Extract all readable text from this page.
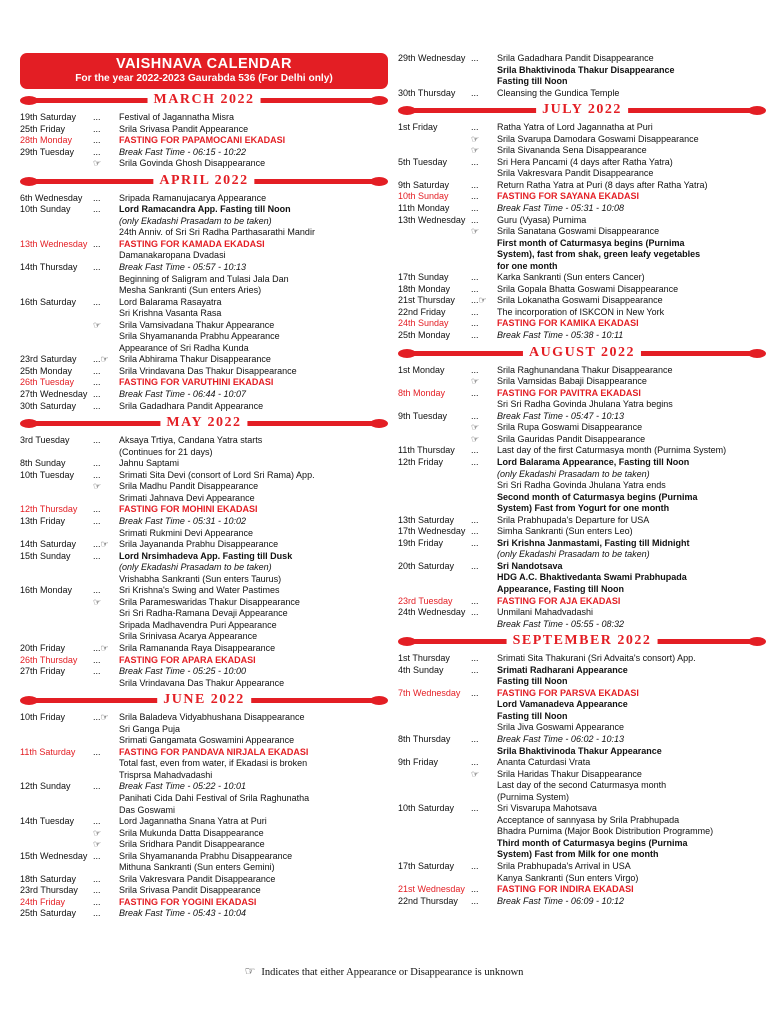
VAISHNAVA CALENDAR
For the year 2022-2023 Gaurabda 536 (For Delhi only)
MARCH 2022
19th Saturday	...	Festival of Jagannatha Misra
25th Friday	...	Srila Srivasa Pandit Appearance
28th Monday	...	FASTING FOR PAPAMOCANI EKADASI
29th Tuesday	...	Break Fast Time - 06:15 - 10:22
☞	Srila Govinda Ghosh Disappearance
APRIL 2022
6th Wednesday	...	Sripada Ramanujacarya Appearance
10th Sunday	...	Lord Ramacandra App. Fasting till Noon
(only Ekadashi Prasadam to be taken)
24th Anniv. of Sri Sri Radha Parthasarathi Mandir
13th Wednesday ...	FASTING FOR KAMADA EKADASI
Damanakaropana Dvadasi
14th Thursday	...	Break Fast Time - 05:57 - 10:13
Beginning of Saligram and Tulasi Jala Dan
Mesha Sankranti (Sun enters Aries)
16th Saturday	...	Lord Balarama Rasayatra
Sri Krishna Vasanta Rasa
☞	Srila Vamsivadana Thakur Appearance
Srila Shyamananda Prabhu Appearance
Appearance of Sri Radha Kunda
23rd Saturday	...☞	Srila Abhirama Thakur Disappearance
25th Monday	...	Srila Vrindavana Das Thakur Disappearance
26th Tuesday	...	FASTING FOR VARUTHINI EKADASI
27th Wednesday ...	Break Fast Time - 06:44 - 10:07
30th Saturday	...	Srila Gadadhara Pandit Appearance
MAY 2022
3rd Tuesday	...	Aksaya Trtiya, Candana Yatra starts
(Continues for 21 days)
8th Sunday	...	Jahnu Saptami
10th Tuesday	...	Srimati Sita Devi (consort of Lord Sri Rama) App.
☞	Srila Madhu Pandit Disappearance
Srimati Jahnava Devi Appearance
12th Thursday	...	FASTING FOR MOHINI EKADASI
13th Friday	...	Break Fast Time - 05:31 - 10:02
Srimati Rukmini Devi Appearance
14th Saturday	...☞	Srila Jayananda Prabhu Disappearance
15th Sunday	...	Lord Nrsimhadeva App. Fasting till Dusk
(only Ekadashi Prasadam to be taken)
Vrishabha Sankranti (Sun enters Taurus)
16th Monday	...	Sri Krishna's Swing and Water Pastimes
☞	Srila Parameswaridas Thakur Disappearance
Sri Sri Radha-Ramana Devaji Appearance
Sripada Madhavendra Puri Appearance
Srila Srinivasa Acarya Appearance
20th Friday	...☞	Srila Ramananda Raya Disappearance
26th Thursday	...	FASTING FOR APARA EKADASI
27th Friday	...	Break Fast Time - 05:25 - 10:00
Srila Vrindavana Das Thakur Appearance
JUNE 2022
10th Friday	...☞	Srila Baladeva Vidyabhushana Disappearance
Sri Ganga Puja
Srimati Gangamata Goswamini Appearance
11th Saturday	...	FASTING FOR PANDAVA NIRJALA EKADASI
Total fast, even from water, if Ekadasi is broken
Trisprsa Mahadvadashi
12th Sunday	...	Break Fast Time - 05:22 - 10:01
Panihati Cida Dahi Festival of Srila Raghunatha
Das Goswami
14th Tuesday	...	Lord Jagannatha Snana Yatra at Puri
☞	Srila Mukunda Datta Disappearance
☞	Srila Sridhara Pandit Disappearance
15th Wednesday ...	Srila Shyamananda Prabhu Disappearance
Mithuna Sankranti (Sun enters Gemini)
18th Saturday	...	Srila Vakresvara Pandit Disappearance
23rd Thursday	...	Srila Srivasa Pandit Disappearance
24th Friday	...	FASTING FOR YOGINI EKADASI
25th Saturday	...	Break Fast Time - 05:43 - 10:04
29th Wednesday ...	Srila Gadadhara Pandit Disappearance
Srila Bhaktivinoda Thakur Disappearance
Fasting till Noon
30th Thursday	...	Cleansing the Gundica Temple
JULY 2022
1st Friday	...	Ratha Yatra of Lord Jagannatha at Puri
☞	Srila Svarupa Damodara Goswami Disappearance
☞	Srila Sivananda Sena Disappearance
5th Tuesday	...	Sri Hera Pancami (4 days after Ratha Yatra)
Srila Vakresvara Pandit Disappearance
9th Saturday	...	Return Ratha Yatra at Puri (8 days after Ratha Yatra)
10th Sunday	...	FASTING FOR SAYANA EKADASI
11th Monday	...	Break Fast Time - 05:31 - 10:08
13th Wednesday ...	Guru (Vyasa) Purnima
☞	Srila Sanatana Goswami Disappearance
First month of Caturmasya begins (Purnima
System), fast from shak, green leafy vegetables
for one month
17th Sunday	...	Karka Sankranti (Sun enters Cancer)
18th Monday	...	Srila Gopala Bhatta Goswami Disappearance
21st Thursday	...☞	Srila Lokanatha Goswami Disappearance
22nd Friday	...	The incorporation of ISKCON in New York
24th Sunday	...	FASTING FOR KAMIKA EKADASI
25th Monday	...	Break Fast Time - 05:38 - 10:11
AUGUST 2022
1st Monday	...	Srila Raghunandana Thakur Disappearance
☞	Srila Vamsidas Babaji Disappearance
8th Monday	...	FASTING FOR PAVITRA EKADASI
Sri Sri Radha Govinda Jhulana Yatra begins
9th Tuesday	...	Break Fast Time - 05:47 - 10:13
☞	Srila Rupa Goswami Disappearance
☞	Srila Gauridas Pandit Disappearance
11th Thursday	...	Last day of the first Caturmasya month (Purnima System)
12th Friday	...	Lord Balarama Appearance, Fasting till Noon
(only Ekadashi Prasadam to be taken)
Sri Sri Radha Govinda Jhulana Yatra ends
Second month of Caturmasya begins (Purnima
System) Fast from Yogurt for one month
13th Saturday	...	Srila Prabhupada's Departure for USA
17th Wednesday ...	Simha Sankranti (Sun enters Leo)
19th Friday	...	Sri Krishna Janmastami, Fasting till Midnight
(only Ekadashi Prasadam to be taken)
20th Saturday	...	Sri Nandotsava
HDG A.C. Bhaktivedanta Swami Prabhupada
Appearance, Fasting till Noon
23rd Tuesday	...	FASTING FOR AJA EKADASI
24th Wednesday ...	Unmilani Mahadvadashi
Break Fast Time - 05:55 - 08:32
SEPTEMBER 2022
1st Thursday	...	Srimati Sita Thakurani (Sri Advaita's consort) App.
4th Sunday	...	Srimati Radharani Appearance
Fasting till Noon
7th Wednesday	...	FASTING FOR PARSVA EKADASI
Lord Vamanadeva Appearance
Fasting till Noon
Srila Jiva Goswami Appearance
8th Thursday	...	Break Fast Time - 06:02 - 10:13
Srila Bhaktivinoda Thakur Appearance
9th Friday	...	Ananta Caturdasi Vrata
☞	Srila Haridas Thakur Disappearance
Last day of the second Caturmasya month
(Purnima System)
10th Saturday	...	Sri Visvarupa Mahotsava
Acceptance of sannyasa by Srila Prabhupada
Bhadra Purnima (Major Book Distribution Programme)
Third month of Caturmasya begins (Purnima
System) Fast from Milk for one month
17th Saturday	...	Srila Prabhupada's Arrival in USA
Kanya Sankranti (Sun enters Virgo)
21st Wednesday ...	FASTING FOR INDIRA EKADASI
22nd Thursday	...	Break Fast Time - 06:09 - 10:12
☞ Indicates that either Appearance or Disappearance is unknown
